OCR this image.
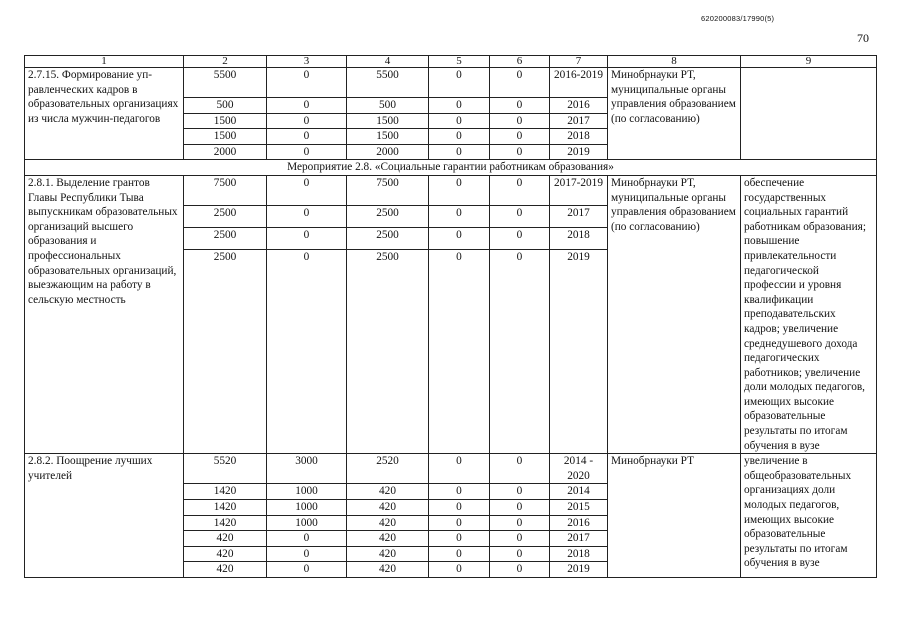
620200083/17990(5)
70
1	2	3	4	5	6	7	8	9
2.7.15. Формирование уп-равленческих кадров в образовательных организациях из числа мужчин-педагогов	5500	0	5500	0	0	2016-2019	Минобрнауки РТ, муниципальные органы управления образованием (по согласованию)	
	500	0	500	0	0	2016		
	1500	0	1500	0	0	2017		
	1500	0	1500	0	0	2018		
	2000	0	2000	0	0	2019		
Мероприятие 2.8. «Социальные гарантии работникам образования»								
2.8.1. Выделение грантов Главы Республики Тыва выпускникам образовательных организаций высшего образования и профессиональных образовательных организаций, выезжающим на работу в сельскую местность	7500	0	7500	0	0	2017-2019	Минобрнауки РТ, муниципальные органы управления образованием (по согласованию)	обеспечение государственных социальных гарантий работникам образования; повышение привлекательности педагогической профессии и уровня квалификации преподавательских кадров; увеличение среднедушевого дохода педагогических работников; увеличение доли молодых педагогов, имеющих высокие образовательные результаты по итогам обучения в вузе
	2500	0	2500	0	0	2017		
	2500	0	2500	0	0	2018		
	2500	0	2500	0	0	2019		
2.8.2. Поощрение лучших учителей	5520	3000	2520	0	0	2014 - 2020	Минобрнауки РТ	увеличение в общеобразовательных организациях доли молодых педагогов, имеющих высокие образовательные результаты по итогам обучения в вузе
	1420	1000	420	0	0	2014		
	1420	1000	420	0	0	2015		
	1420	1000	420	0	0	2016		
	420	0	420	0	0	2017		
	420	0	420	0	0	2018		
	420	0	420	0	0	2019		
